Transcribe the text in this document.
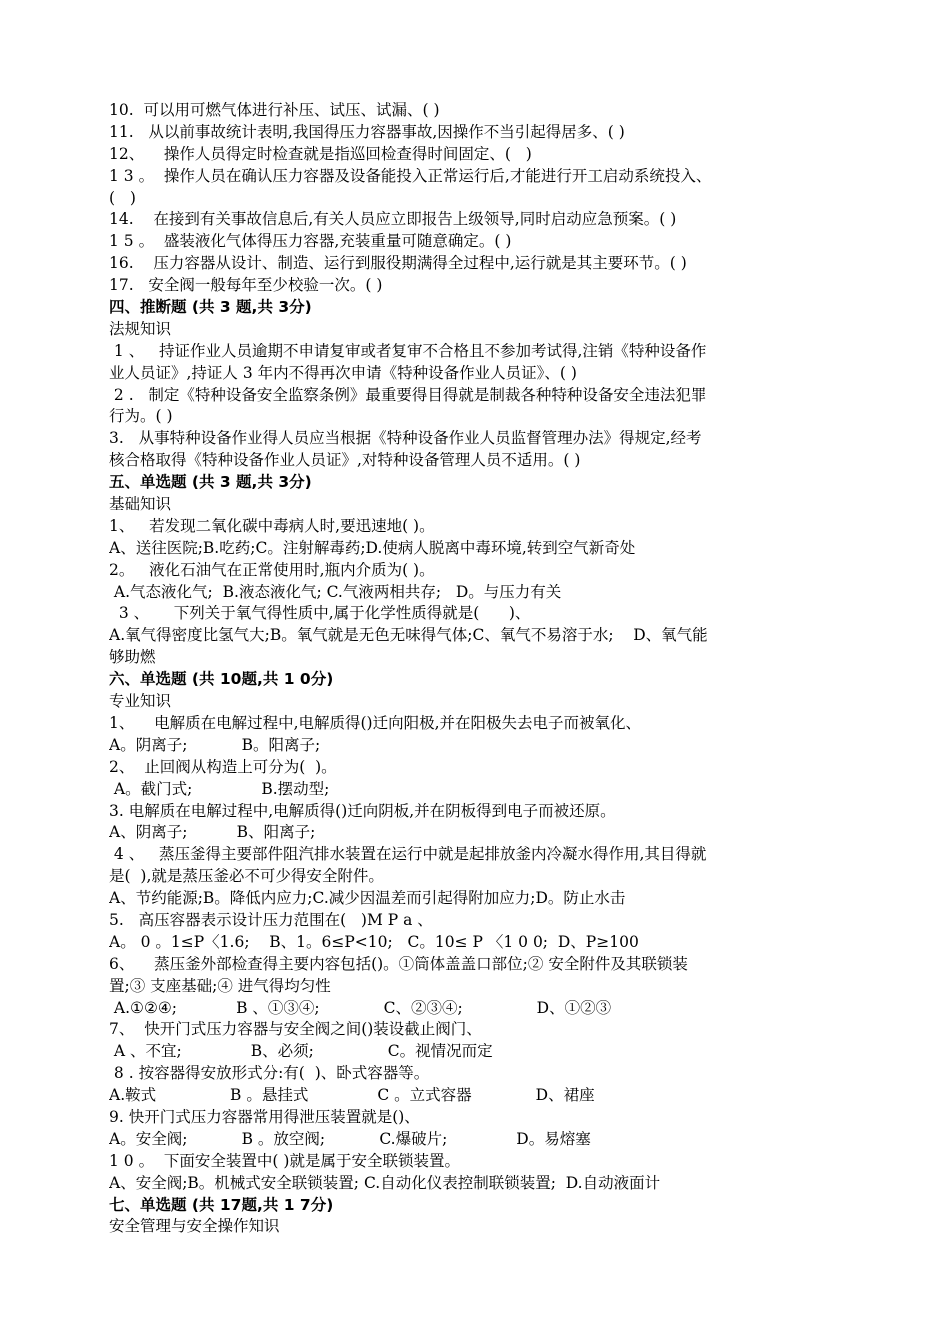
10.  可以用可燃气体进行补压、试压、试漏、( )
11.   从以前事故统计表明,我国得压力容器事故,因操作不当引起得居多、( )
12、    操作人员得定时检查就是指巡回检查得时间固定、(   )
1 3 。  操作人员在确认压力容器及设备能投入正常运行后,才能进行开工启动系统投入、
(   )
14.    在接到有关事故信息后,有关人员应立即报告上级领导,同时启动应急预案。( )
1 5 。  盛装液化气体得压力容器,充装重量可随意确定。( )
16.    压力容器从设计、制造、运行到服役期满得全过程中,运行就是其主要环节。( )
17.   安全阀一般每年至少校验一次。( )
四、推断题 (共 3 题,共 3分)
法规知识
1 、   持证作业人员逾期不申请复审或者复审不合格且不参加考试得,注销《特种设备作
业人员证》,持证人 3 年内不得再次申请《特种设备作业人员证》、( )
2 .   制定《特种设备安全监察条例》最重要得目得就是制裁各种特种设备安全违法犯罪
行为。( )
3.   从事特种设备作业得人员应当根据《特种设备作业人员监督管理办法》得规定,经考
核合格取得《特种设备作业人员证》,对特种设备管理人员不适用。( )
五、单选题 (共 3 题,共 3分)
基础知识
1、   若发现二氧化碳中毒病人时,要迅速地( )。
A、送往医院;B.吃药;C。注射解毒药;D.使病人脱离中毒环境,转到空气新奇处
2。   液化石油气在正常使用时,瓶内介质为( )。
A.气态液化气;  B.液态液化气; C.气液两相共存;   D。与压力有关
3 、     下列关于氧气得性质中,属于化学性质得就是(      )、
A.氧气得密度比氢气大;B。氧气就是无色无味得气体;C、氧气不易溶于水;    D、氧气能
够助燃
六、单选题 (共 10题,共 1 0分)
专业知识
1、    电解质在电解过程中,电解质得()迁向阳极,并在阳极失去电子而被氧化、
A。阴离子;           B。阳离子;
2、  止回阀从构造上可分为(  )。
A。截门式;              B.摆动型;
3. 电解质在电解过程中,电解质得()迁向阴板,并在阴板得到电子而被还原。
A、阴离子;          B、阳离子;
4 、   蒸压釜得主要部件阻汽排水装置在运行中就是起排放釜内冷凝水得作用,其目得就
是(  ),就是蒸压釜必不可少得安全附件。
A、节约能源;B。降低内应力;C.减少因温差而引起得附加应力;D。防止水击
5.   高压容器表示设计压力范围在(   )M P a 、
A。 0 。1≤P〈1.6;    B、1。6≤P<10;   C。10≤ P 〈1 0 0;  D、P≥100
6、    蒸压釜外部检查得主要内容包括()。①筒体盖盖口部位;② 安全附件及其联锁装
置;③ 支座基础;④ 进气得均匀性
A.①②④;            B 、①③④;             C、②③④;               D、①②③
7、  快开门式压力容器与安全阀之间()装设截止阀门、
A 、不宜;              B、必须;               C。视情况而定
8 . 按容器得安放形式分:有(  )、卧式容器等。
A.鞍式               B 。悬挂式              C 。立式容器             D、裙座
9. 快开门式压力容器常用得泄压装置就是()、
A。安全阀;           B 。放空阀;           C.爆破片;              D。易熔塞
1 0 。  下面安全装置中( )就是属于安全联锁装置。
A、安全阀;B。机械式安全联锁装置; C.自动化仪表控制联锁装置;  D.自动液面计
七、单选题 (共 17题,共 1 7分)
安全管理与安全操作知识
